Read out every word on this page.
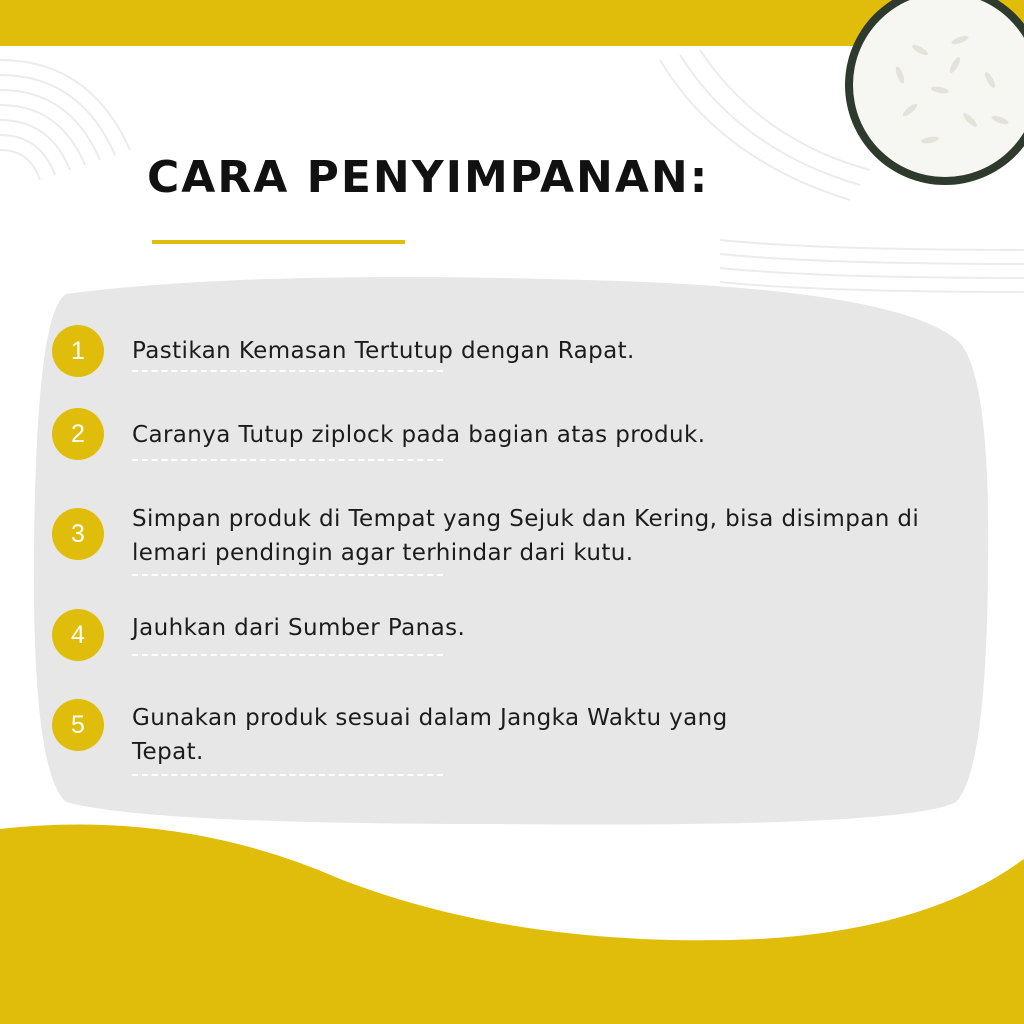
CARA PENYIMPANAN:
1	Pastikan Kemasan Tertutup dengan Rapat.

2	Caranya Tutup ziplock pada bagian atas produk.

3

Simpan produk di Tempat yang Sejuk dan Kering, bisa disimpan di lemari pendingin agar terhindar dari kutu.

4	Jauhkan dari Sumber Panas.

5	Gunakan produk sesuai dalam Jangka Waktu yang Tepat.
